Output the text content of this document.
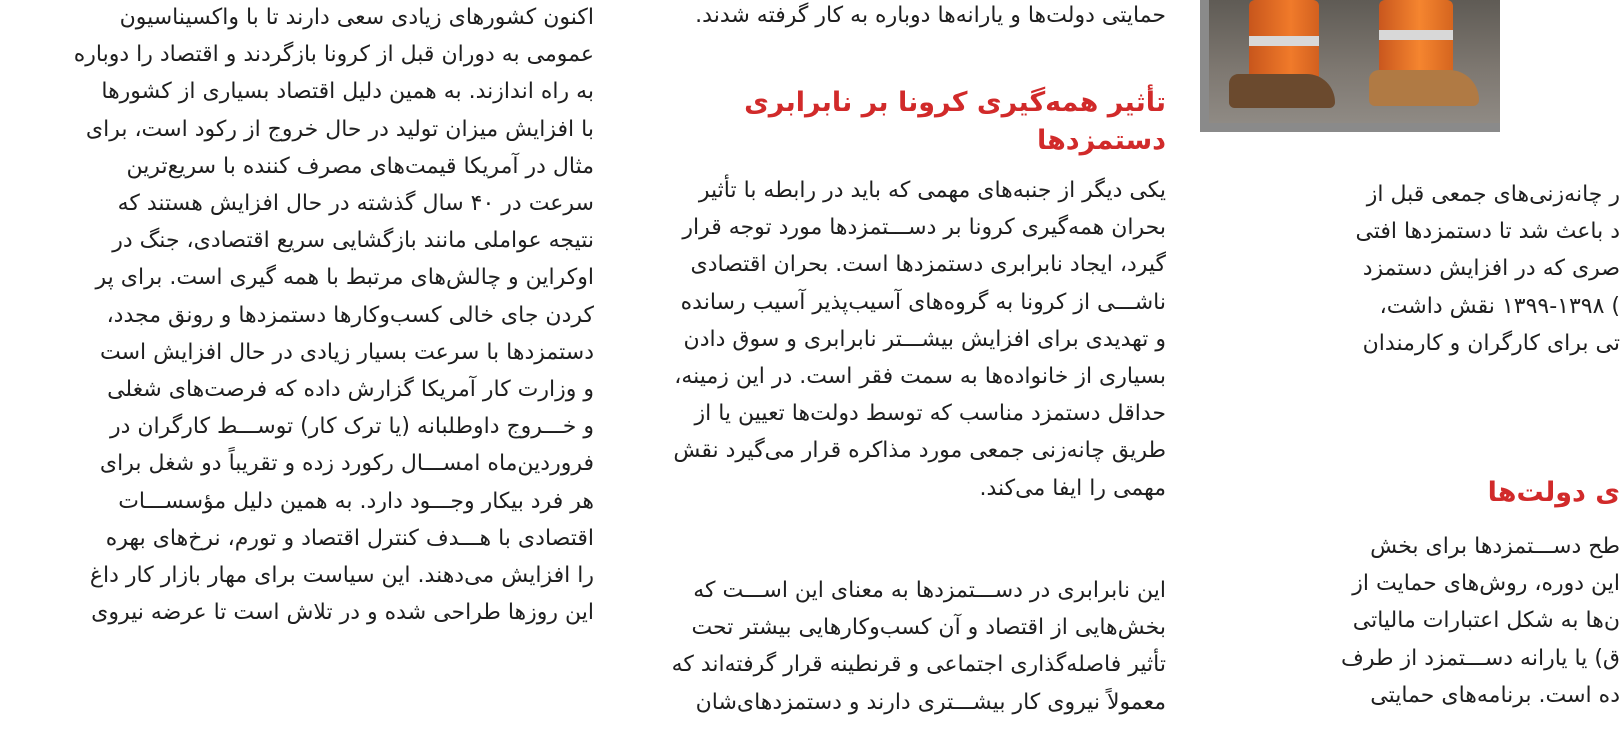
اکنون کشورهای زیادی سعی دارند تا با واکسیناسیون
عمومی به دوران قبل از کرونا بازگردند و اقتصاد را دوباره
به راه اندازند. به همین دلیل اقتصاد بسیاری از کشورها
با افزایش میزان تولید در حال خروج از رکود است، برای
مثال در آمریکا قیمت‌های مصرف کننده با سریع‌ترین
سرعت در ۴۰ سال گذشته در حال افزایش هستند که
نتیجه عواملی مانند بازگشایی سریع اقتصادی، جنگ در
اوکراین و چالش‌های مرتبط با همه گیری است. برای پر
کردن جای خالی کسب‌وکارها دستمزدها و رونق مجدد،
دستمزدها با سرعت بسیار زیادی در حال افزایش است
و وزارت کار آمریکا گزارش داده که فرصت‌های شغلی
و خـــروج داوطلبانه (یا ترک کار) توســـط کارگران در
فروردین‌ماه امســـال رکورد زده و تقریباً دو شغل برای
هر فرد بیکار وجـــود دارد. به همین دلیل مؤسســـات
اقتصادی با هـــدف کنترل اقتصاد و تورم، نرخ‌های بهره
را افزایش می‌دهند. این سیاست برای مهار بازار کار داغ
این روزها طراحی شده و در تلاش است تا عرضه نیروی

حمایتی دولت‌ها و یارانه‌ها دوباره به کار گرفته شدند.

تأثیر همه‌گیری کرونا بر نابرابری
دستمزدها

یکی دیگر از جنبه‌های مهمی که باید در رابطه با تأثیر
بحران همه‌گیری کرونا بر دســـتمزدها مورد توجه قرار
گیرد، ایجاد نابرابری دستمزدها است. بحران اقتصادی
ناشـــی از کرونا به گروه‌های آسیب‌پذیر آسیب رسانده
و تهدیدی برای افزایش بیشـــتر نابرابری و سوق دادن
بسیاری از خانواده‌ها به سمت فقر است. در این زمینه،
حداقل دستمزد مناسب که توسط دولت‌ها تعیین یا از
طریق چانه‌زنی جمعی مورد مذاکره قرار می‌گیرد نقش
مهمی را ایفا می‌کند.

این نابرابری در دســـتمزدها به معنای این اســـت که
بخش‌هایی از اقتصاد و آن کسب‌وکارهایی بیشتر تحت
تأثیر فاصله‌گذاری اجتماعی و قرنطینه قرار گرفته‌اند که
معمولاً نیروی کار بیشـــتری دارند و دستمزدهای‌شان

ر چانه‌زنی‌های جمعی قبل از
د باعث شد تا دستمزدها افتی
صری که در افزایش دستمزد
) ۱۳۹۹-۱۳۹۸ نقش داشت،
تی برای کارگران و کارمندان

ی دولت‌ها

طح دســـتمزدها برای بخش
این دوره، روش‌های حمایت از
ن‌ها به شکل اعتبارات مالیاتی
ق) یا یارانه دســـتمزد از طرف
ده است. برنامه‌های حمایتی
